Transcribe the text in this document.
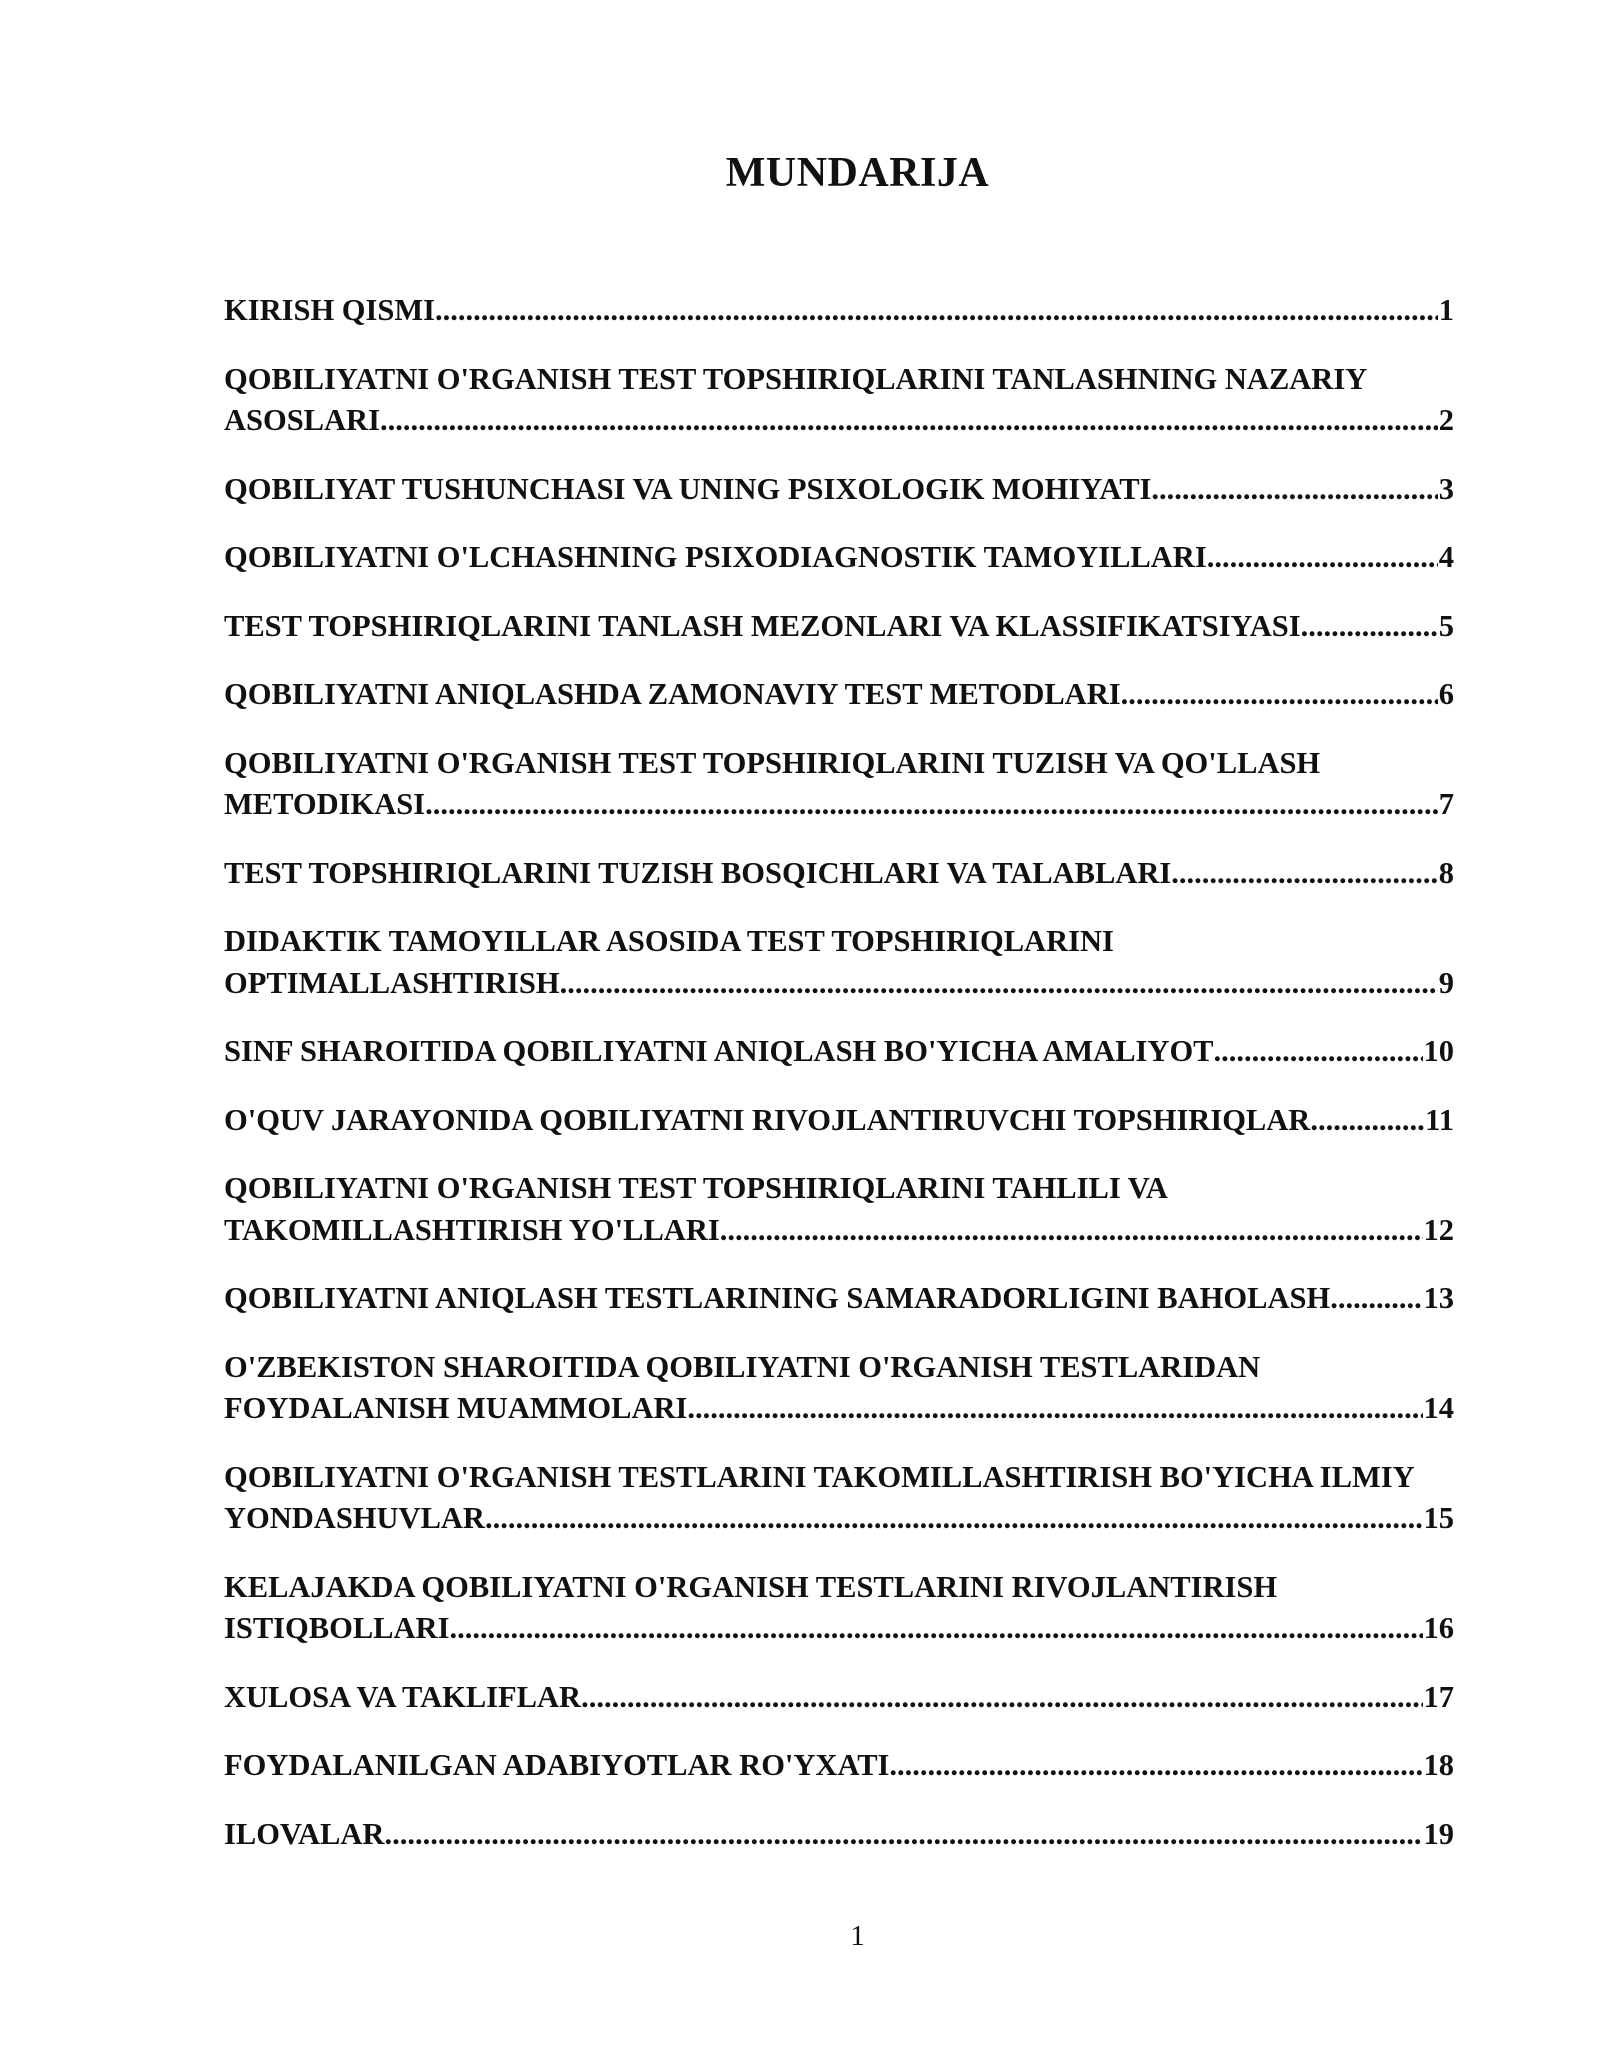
MUNDARIJA
KIRISH QISMI .....	1
QOBILIYATNI O'RGANISH TEST TOPSHIRIQLARINI TANLASHNING NAZARIY
ASOSLARI .....	2
QOBILIYAT TUSHUNCHASI VA UNING PSIXOLOGIK MOHIYATI .....	3
QOBILIYATNI O'LCHASHNING PSIXODIAGNOSTIK TAMOYILLARI .....	4
TEST TOPSHIRIQLARINI TANLASH MEZONLARI VA KLASSIFIKATSIYASI .....	5
QOBILIYATNI ANIQLASHDA ZAMONAVIY TEST METODLARI .....	6
QOBILIYATNI O'RGANISH TEST TOPSHIRIQLARINI TUZISH VA QO'LLASH
METODIKASI .....	7
TEST TOPSHIRIQLARINI TUZISH BOSQICHLARI VA TALABLARI .....	8
DIDAKTIK TAMOYILLAR ASOSIDA TEST TOPSHIRIQLARINI
OPTIMALLASHTIRISH .....	9
SINF SHAROITIDA QOBILIYATNI ANIQLASH BO'YICHA AMALIYOT .....	10
O'QUV JARAYONIDA QOBILIYATNI RIVOJLANTIRUVCHI TOPSHIRIQLAR .....	11
QOBILIYATNI O'RGANISH TEST TOPSHIRIQLARINI TAHLILI VA
TAKOMILLASHTIRISH YO'LLARI .....	12
QOBILIYATNI ANIQLASH TESTLARINING SAMARADORLIGINI BAHOLASH .....	13
O'ZBEKISTON SHAROITIDA QOBILIYATNI O'RGANISH TESTLARIDAN
FOYDALANISH MUAMMOLARI .....	14
QOBILIYATNI O'RGANISH TESTLARINI TAKOMILLASHTIRISH BO'YICHA ILMIY
YONDASHUVLAR .....	15
KELAJAKDA QOBILIYATNI O'RGANISH TESTLARINI RIVOJLANTIRISH
ISTIQBOLLARI .....	16
XULOSA VA TAKLIFLAR .....	17
FOYDALANILGAN ADABIYOTLAR RO'YXATI .....	18
ILOVALAR .....	19
1
